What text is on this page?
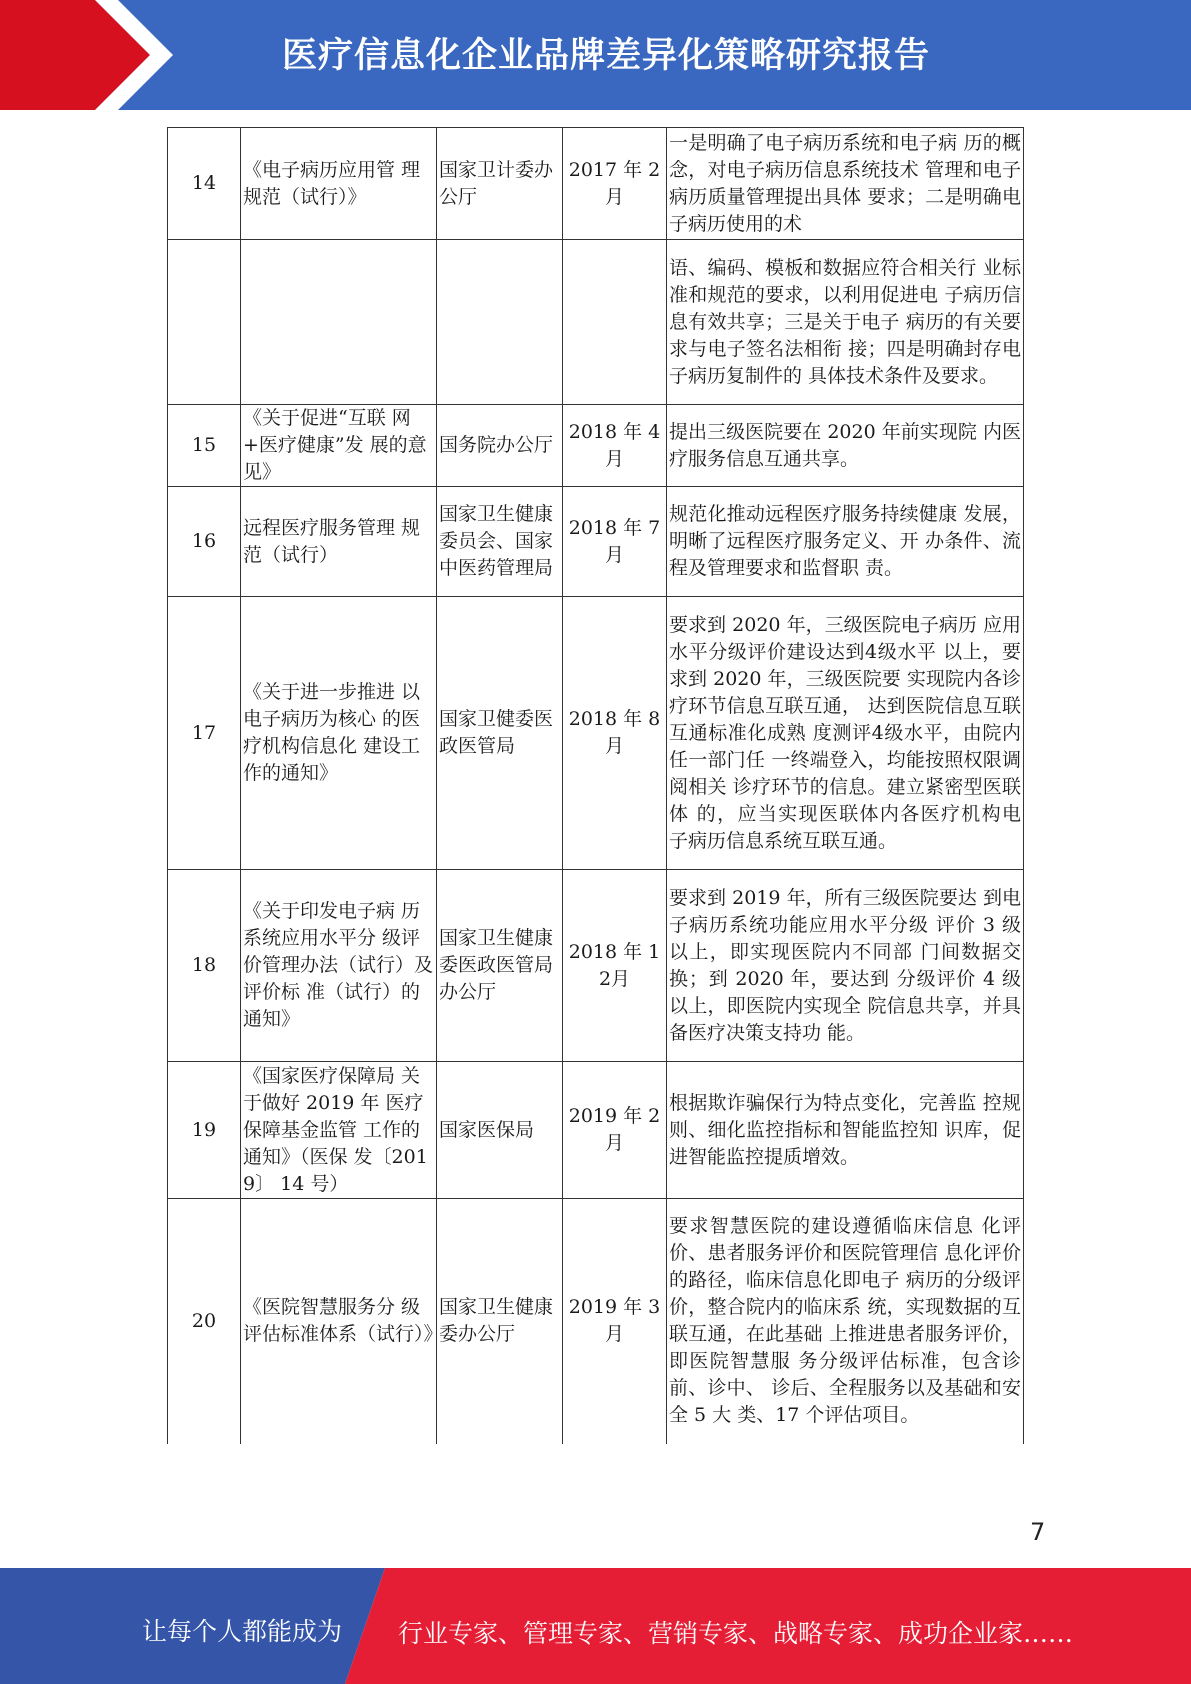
医疗信息化企业品牌差异化策略研究报告
14	《电子病历应用管 理规范（试行）》	国家卫计委办公厅	2017 年 2月	一是明确了电子病历系统和电子病 历的概念，对电子病历信息系统技术 管理和电子病历质量管理提出具体 要求；二是明确电子病历使用的术
				语、编码、模板和数据应符合相关行 业标准和规范的要求，以利用促进电 子病历信息有效共享；三是关于电子 病历的有关要求与电子签名法相衔 接；四是明确封存电子病历复制件的 具体技术条件及要求。
15	《关于促进“互联 网+医疗健康”发 展的意见》	国务院办公厅	2018 年 4月	提出三级医院要在 2020 年前实现院 内医疗服务信息互通共享。
16	远程医疗服务管理 规范（试行）	国家卫生健康委员会、国家中医药管理局	2018 年 7月	规范化推动远程医疗服务持续健康 发展，明晰了远程医疗服务定义、开 办条件、流程及管理要求和监督职 责。
17	《关于进一步推进 以电子病历为核心 的医疗机构信息化 建设工作的通知》	国家卫健委医政医管局	2018 年 8月	要求到 2020 年，三级医院电子病历 应用水平分级评价建设达到4级水平 以上，要求到 2020 年，三级医院要 实现院内各诊疗环节信息互联互通， 达到医院信息互联互通标准化成熟 度测评4级水平，由院内任一部门任 一终端登入，均能按照权限调阅相关 诊疗环节的信息。建立紧密型医联体 的，应当实现医联体内各医疗机构电 子病历信息系统互联互通。
18	《关于印发电子病 历系统应用水平分 级评价管理办法（试行）及评价标 准（试行）的通知》	国家卫生健康委医政医管局办公厅	2018 年 12月	要求到 2019 年，所有三级医院要达 到电子病历系统功能应用水平分级 评价 3 级以上，即实现医院内不同部 门间数据交换；到 2020 年，要达到 分级评价 4 级以上，即医院内实现全 院信息共享，并具备医疗决策支持功 能。
19	《国家医疗保障局 关于做好 2019 年 医疗保障基金监管 工作的通知》（医保 发〔2019〕 14 号）	国家医保局	2019 年 2月	根据欺诈骗保行为特点变化，完善监 控规则、细化监控指标和智能监控知 识库，促进智能监控提质增效。
20	《医院智慧服务分 级评估标准体系（试行）》	国家卫生健康委办公厅	2019 年 3月	要求智慧医院的建设遵循临床信息 化评价、患者服务评价和医院管理信 息化评价的路径，临床信息化即电子 病历的分级评价，整合院内的临床系 统，实现数据的互联互通，在此基础 上推进患者服务评价，即医院智慧服 务分级评估标准，包含诊前、诊中、 诊后、全程服务以及基础和安全 5 大 类、17 个评估项目。
7
让每个人都能成为 行业专家、管理专家、营销专家、战略专家、成功企业家……
